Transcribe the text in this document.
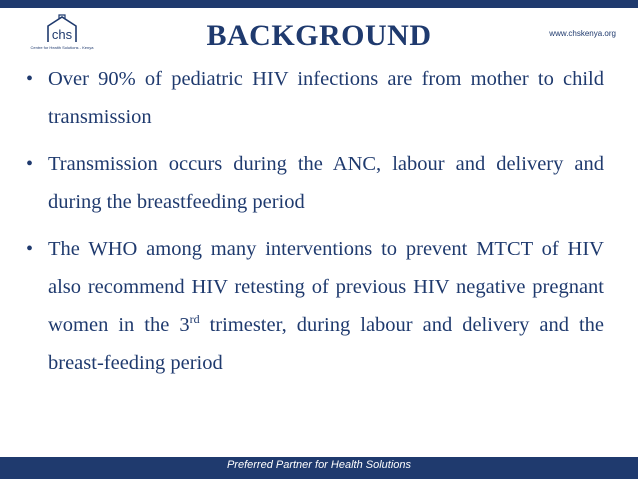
chs
Centre for Health Solutions - Kenya	BACKGROUND	www.chskenya.org
• Over 90% of pediatric HIV infections are from mother to child transmission
• Transmission occurs during the ANC, labour and delivery and during the breastfeeding period
• The WHO among many interventions to prevent MTCT of HIV also recommend HIV retesting of previous HIV negative pregnant women in the 3rd trimester, during labour and delivery and the breast-feeding period
Preferred Partner for Health Solutions
